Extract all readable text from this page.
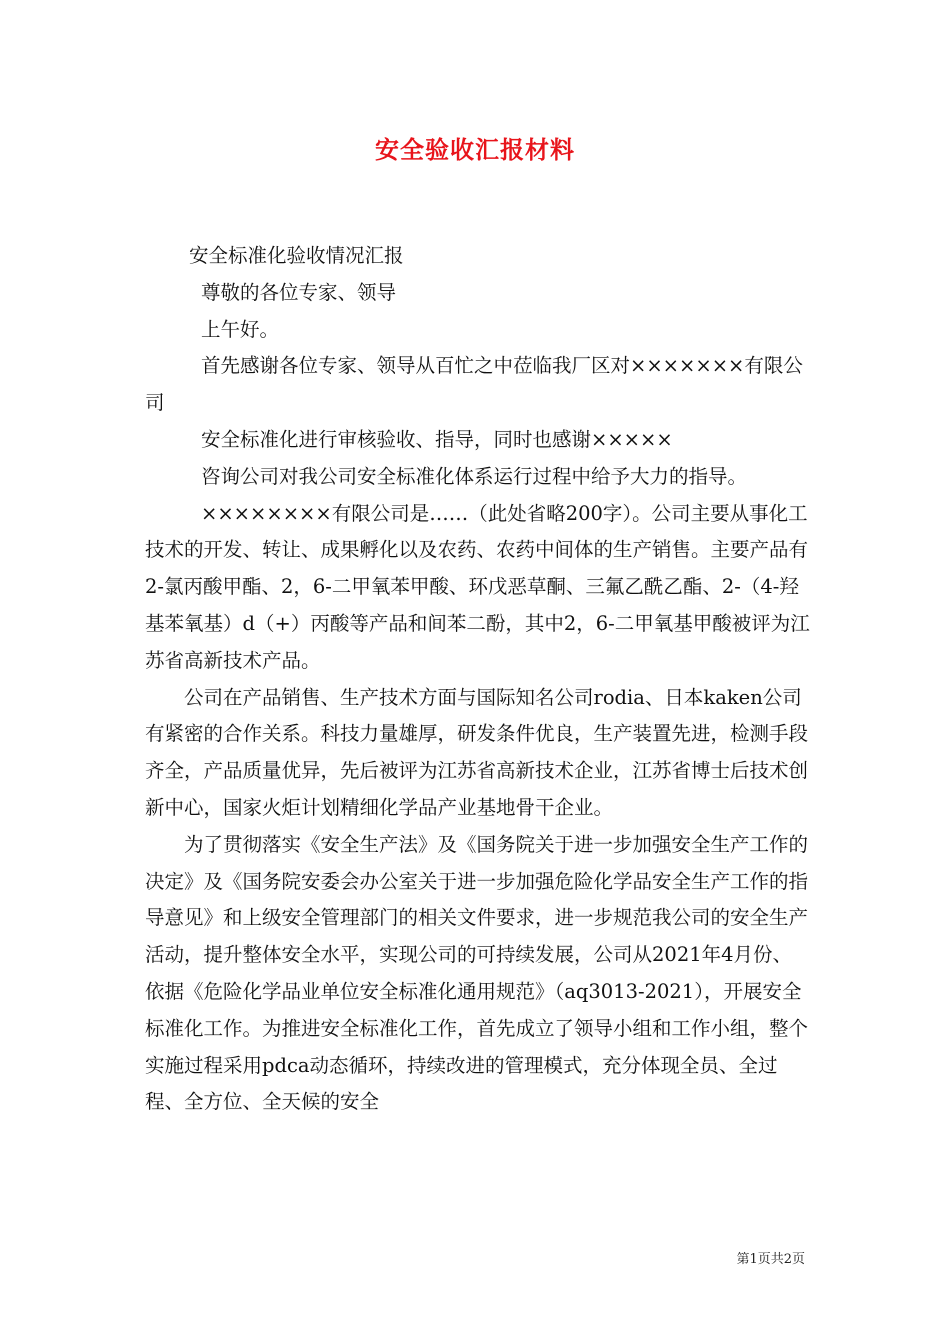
安全验收汇报材料

安全标准化验收情况汇报

尊敬的各位专家、领导

上午好。

首先感谢各位专家、领导从百忙之中莅临我厂区对×××××××有限公司

安全标准化进行审核验收、指导，同时也感谢×××××

咨询公司对我公司安全标准化体系运行过程中给予大力的指导。

××××××××有限公司是……（此处省略200字）。公司主要从事化工技术的开发、转让、成果孵化以及农药、农药中间体的生产销售。主要产品有2-氯丙酸甲酯、2，6-二甲氧苯甲酸、环戊恶草酮、三氟乙酰乙酯、2-（4-羟基苯氧基）d（+）丙酸等产品和间苯二酚，其中2，6-二甲氧基甲酸被评为江苏省高新技术产品。

公司在产品销售、生产技术方面与国际知名公司rodia、日本kaken公司有紧密的合作关系。科技力量雄厚，研发条件优良，生产装置先进，检测手段齐全，产品质量优异，先后被评为江苏省高新技术企业，江苏省博士后技术创新中心，国家火炬计划精细化学品产业基地骨干企业。

为了贯彻落实《安全生产法》及《国务院关于进一步加强安全生产工作的决定》及《国务院安委会办公室关于进一步加强危险化学品安全生产工作的指导意见》和上级安全管理部门的相关文件要求，进一步规范我公司的安全生产活动，提升整体安全水平，实现公司的可持续发展，公司从2021年4月份、依据《危险化学品业单位安全标准化通用规范》（aq3013-2021），开展安全标准化工作。为推进安全标准化工作，首先成立了领导小组和工作小组，整个实施过程采用pdca动态循环，持续改进的管理模式，充分体现全员、全过程、全方位、全天候的安全

第1页共2页
